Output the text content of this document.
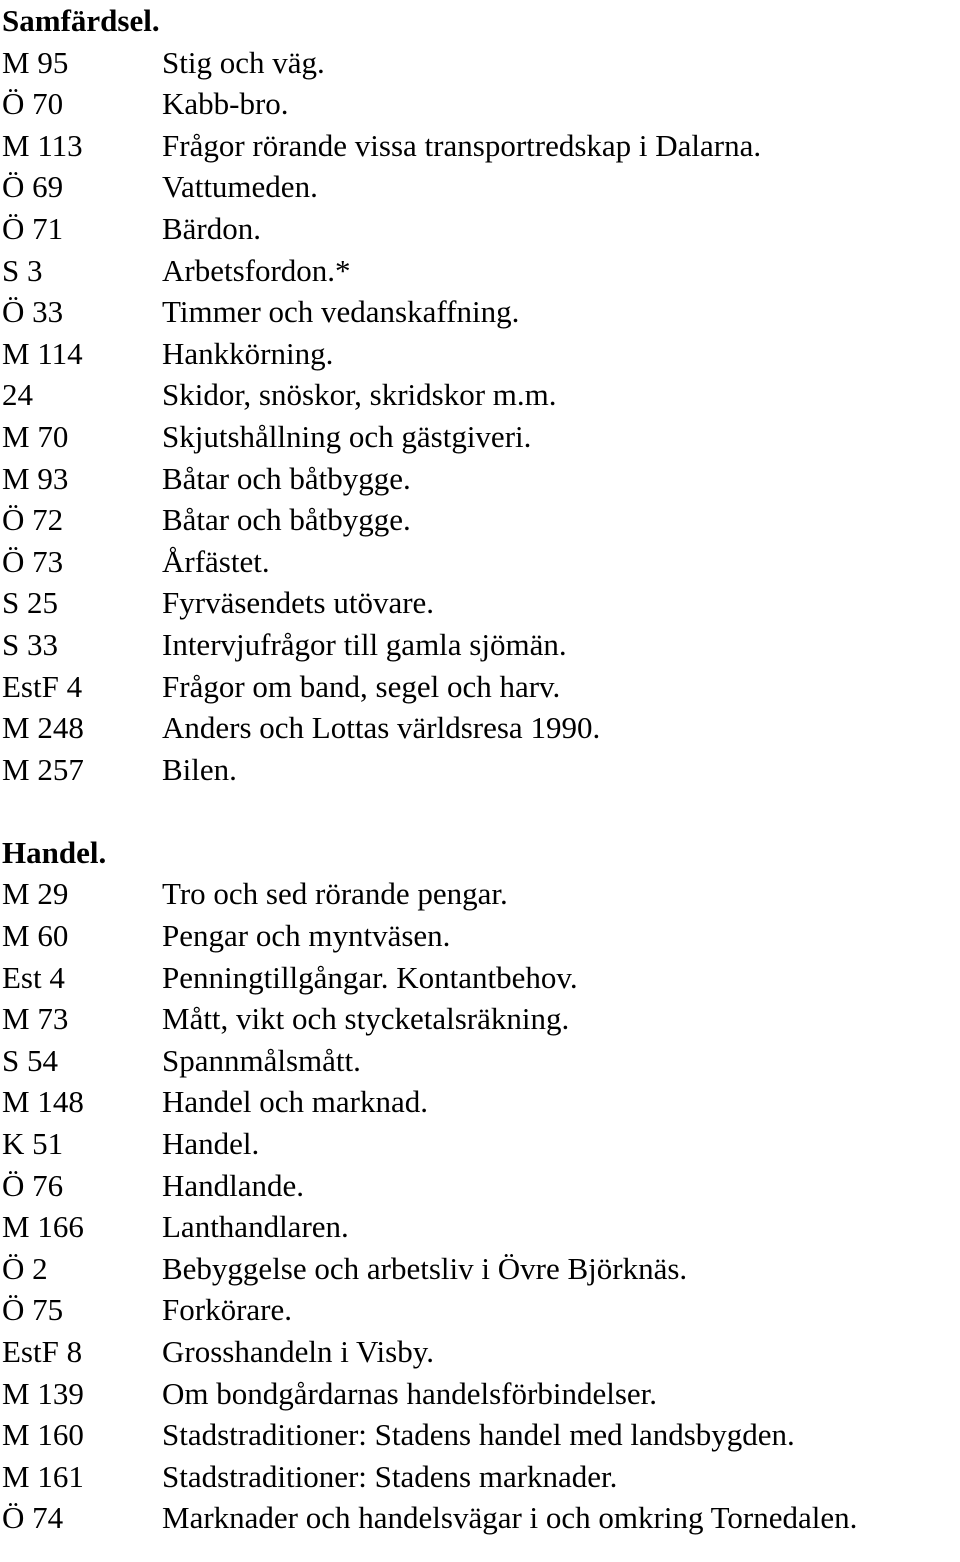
Samfärdsel.
M 95	Stig och väg.
Ö 70	Kabb-bro.
M 113	Frågor rörande vissa transportredskap i Dalarna.
Ö 69	Vattumeden.
Ö 71	Bärdon.
S 3	Arbetsfordon.*
Ö 33	Timmer och vedanskaffning.
M 114	Hankkörning.
24	Skidor, snöskor, skridskor m.m.
M 70	Skjutshållning och gästgiveri.
M 93	Båtar och båtbygge.
Ö 72	Båtar och båtbygge.
Ö 73	Årfästet.
S 25	Fyrväsendets utövare.
S 33	Intervjufrågor till gamla sjömän.
EstF 4	Frågor om band, segel och harv.
M 248	Anders och Lottas världsresa 1990.
M 257	Bilen.
Handel.
M 29	Tro och sed rörande pengar.
M 60	Pengar och myntväsen.
Est 4	Penningtillgångar. Kontantbehov.
M 73	Mått, vikt och stycketalsräkning.
S 54	Spannmålsmått.
M 148	Handel och marknad.
K 51	Handel.
Ö 76	Handlande.
M 166	Lanthandlaren.
Ö 2	Bebyggelse och arbetsliv i Övre Björknäs.
Ö 75	Forkörare.
EstF 8	Grosshandeln i Visby.
M 139	Om bondgårdarnas handelsförbindelser.
M 160	Stadstraditioner: Stadens handel med landsbygden.
M 161	Stadstraditioner: Stadens marknader.
Ö 74	Marknader och handelsvägar i och omkring Tornedalen.
